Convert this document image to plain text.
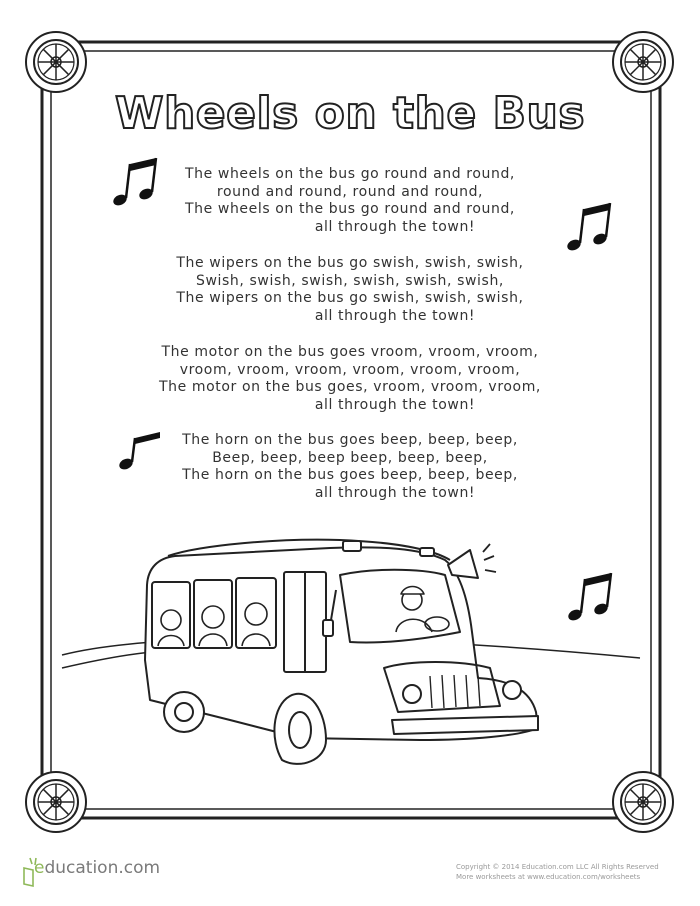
Wheels on the Bus
The wheels on the bus go round and round,
round and round, round and round,
The wheels on the bus go round and round,
all through the town!
The wipers on the bus go swish, swish, swish,
Swish, swish, swish, swish, swish, swish,
The wipers on the bus go swish, swish, swish,
all through the town!
The motor on the bus goes vroom, vroom, vroom,
vroom, vroom, vroom, vroom, vroom, vroom,
The motor on the bus goes, vroom, vroom, vroom,
all through the town!
The horn on the bus goes beep, beep, beep,
Beep, beep, beep beep, beep, beep,
The horn on the bus goes beep, beep, beep,
all through the town!
education.com	Copyright © 2014 Education.com LLC All Rights Reserved
More worksheets at www.education.com/worksheets
